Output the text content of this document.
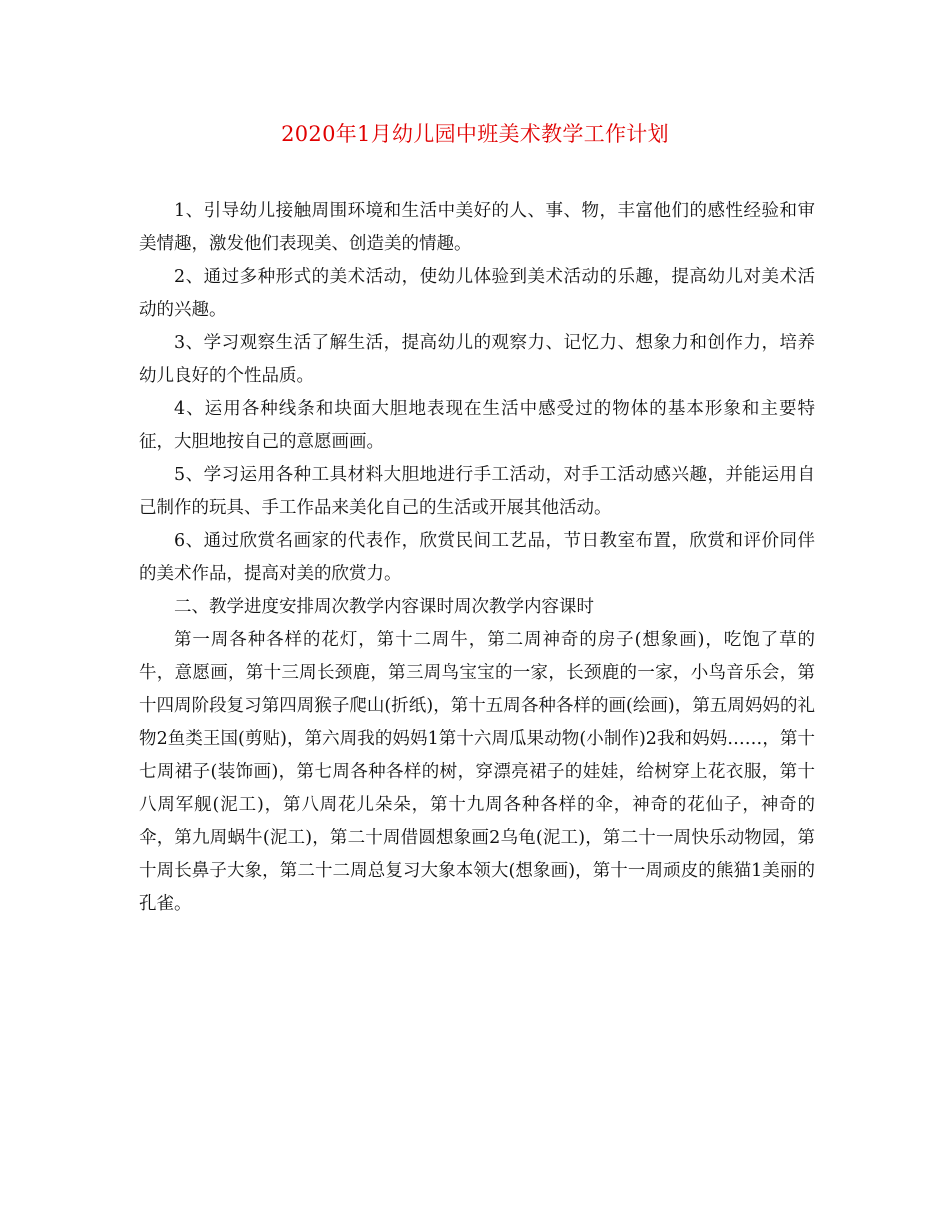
2020年1月幼儿园中班美术教学工作计划

1、引导幼儿接触周围环境和生活中美好的人、事、物，丰富他们的感性经验和审美情趣，激发他们表现美、创造美的情趣。

2、通过多种形式的美术活动，使幼儿体验到美术活动的乐趣，提高幼儿对美术活动的兴趣。

3、学习观察生活了解生活，提高幼儿的观察力、记忆力、想象力和创作力，培养幼儿良好的个性品质。

4、运用各种线条和块面大胆地表现在生活中感受过的物体的基本形象和主要特征，大胆地按自己的意愿画画。

5、学习运用各种工具材料大胆地进行手工活动，对手工活动感兴趣，并能运用自己制作的玩具、手工作品来美化自己的生活或开展其他活动。

6、通过欣赏名画家的代表作，欣赏民间工艺品，节日教室布置，欣赏和评价同伴的美术作品，提高对美的欣赏力。

二、教学进度安排周次教学内容课时周次教学内容课时

第一周各种各样的花灯，第十二周牛，第二周神奇的房子(想象画)，吃饱了草的牛，意愿画，第十三周长颈鹿，第三周鸟宝宝的一家，长颈鹿的一家，小鸟音乐会，第十四周阶段复习第四周猴子爬山(折纸)，第十五周各种各样的画(绘画)，第五周妈妈的礼物2鱼类王国(剪贴)，第六周我的妈妈1第十六周瓜果动物(小制作)2我和妈妈……，第十七周裙子(装饰画)，第七周各种各样的树，穿漂亮裙子的娃娃，给树穿上花衣服，第十八周军舰(泥工)，第八周花儿朵朵，第十九周各种各样的伞，神奇的花仙子，神奇的伞，第九周蜗牛(泥工)，第二十周借圆想象画2乌龟(泥工)，第二十一周快乐动物园，第十周长鼻子大象，第二十二周总复习大象本领大(想象画)，第十一周顽皮的熊猫1美丽的孔雀。
